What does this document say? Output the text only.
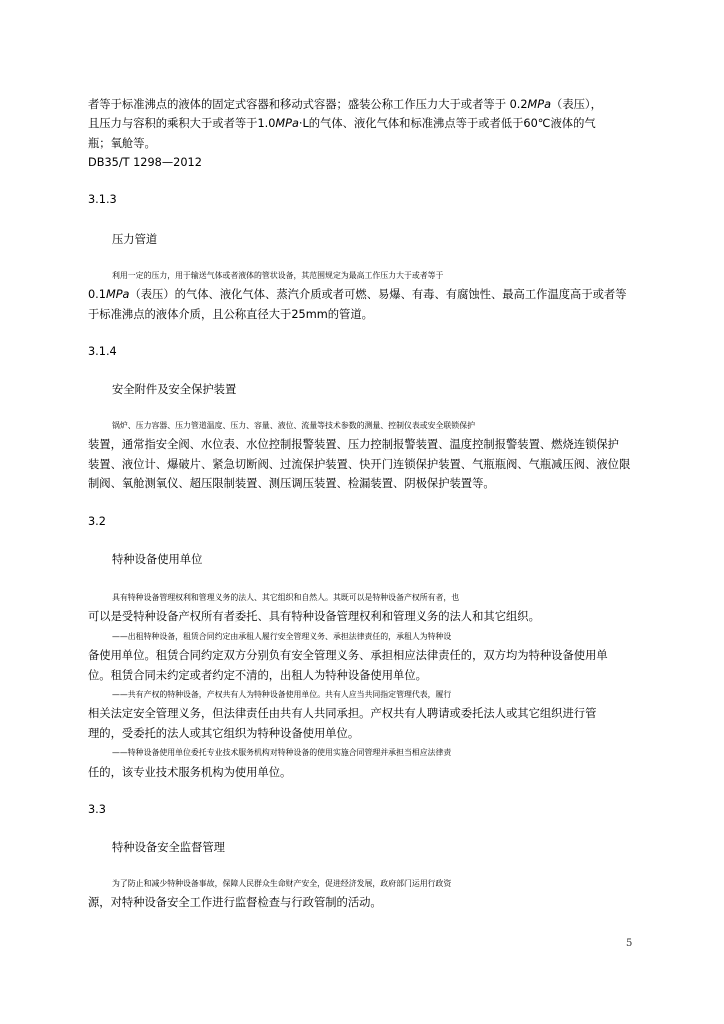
者等于标准沸点的液体的固定式容器和移动式容器；盛装公称工作压力大于或者等于 0.2MPa（表压），
且压力与容积的乘积大于或者等于1.0MPa·L的气体、液化气体和标准沸点等于或者低于60℃液体的气
瓶；氧舱等。
DB35/T 1298—2012
3.1.3
压力管道
利用一定的压力，用于输送气体或者液体的管状设备，其范围规定为最高工作压力大于或者等于
0.1MPa（表压）的气体、液化气体、蒸汽介质或者可燃、易爆、有毒、有腐蚀性、最高工作温度高于或者等
于标准沸点的液体介质，且公称直径大于25mm的管道。
3.1.4
安全附件及安全保护装置
锅炉、压力容器、压力管道温度、压力、容量、液位、流量等技术参数的测量、控制仪表或安全联锁保护
装置，通常指安全阀、水位表、水位控制报警装置、压力控制报警装置、温度控制报警装置、燃烧连锁保护
装置、液位计、爆破片、紧急切断阀、过流保护装置、快开门连锁保护装置、气瓶瓶阀、气瓶减压阀、液位限
制阀、氧舱测氧仪、超压限制装置、测压调压装置、检漏装置、阴极保护装置等。
3.2
特种设备使用单位
具有特种设备管理权利和管理义务的法人、其它组织和自然人。其既可以是特种设备产权所有者，也
可以是受特种设备产权所有者委托、具有特种设备管理权利和管理义务的法人和其它组织。
——出租特种设备，租赁合同约定由承租人履行安全管理义务、承担法律责任的，承租人为特种设
备使用单位。租赁合同约定双方分别负有安全管理义务、承担相应法律责任的，双方均为特种设备使用单
位。租赁合同未约定或者约定不清的，出租人为特种设备使用单位。
——共有产权的特种设备，产权共有人为特种设备使用单位。共有人应当共同指定管理代表，履行
相关法定安全管理义务，但法律责任由共有人共同承担。产权共有人聘请或委托法人或其它组织进行管
理的，受委托的法人或其它组织为特种设备使用单位。
——特种设备使用单位委托专业技术服务机构对特种设备的使用实施合同管理并承担当相应法律责
任的，该专业技术服务机构为使用单位。
3.3
特种设备安全监督管理
为了防止和减少特种设备事故，保障人民群众生命财产安全，促进经济发展，政府部门运用行政资
源，对特种设备安全工作进行监督检查与行政管制的活动。
5
